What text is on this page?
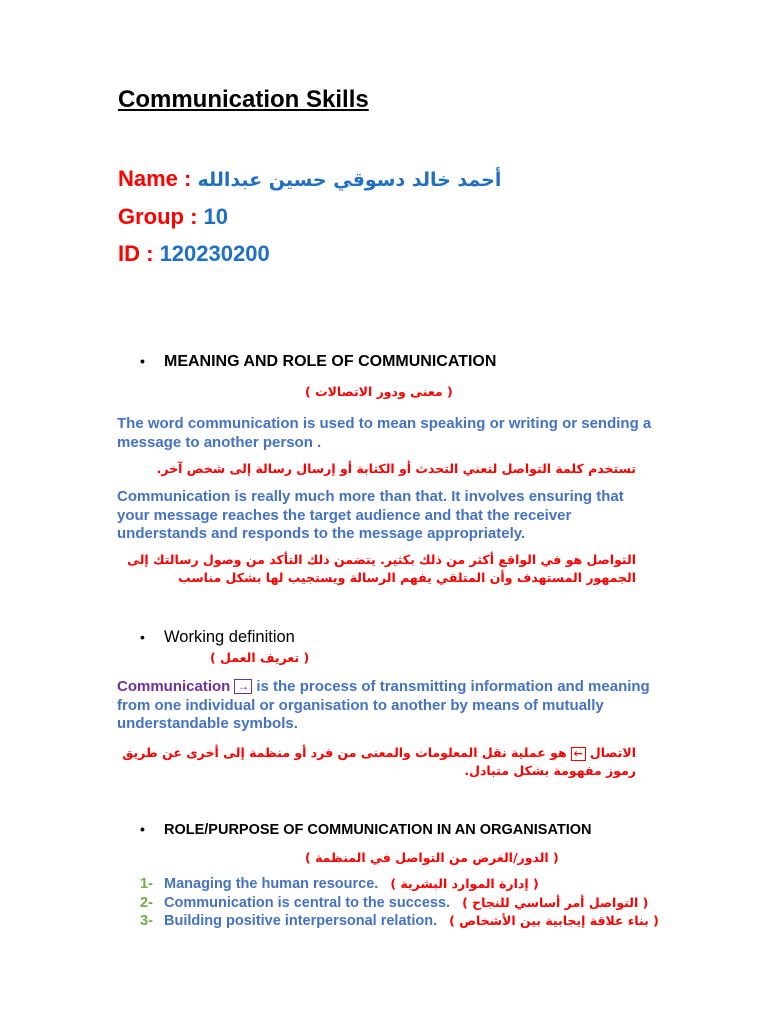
Communication Skills
Name : أحمد خالد دسوقي حسين عبدالله
Group : 10
ID : 120230200
• MEANING AND ROLE OF COMMUNICATION
( معنى ودور الاتصالات )
The word communication is used to mean speaking or writing or sending a message to another person .
تستخدم كلمة التواصل لتعني التحدث أو الكتابة أو إرسال رسالة إلى شخص آخر.
Communication is really much more than that. It involves ensuring that your message reaches the target audience and that the receiver understands and responds to the message appropriately.
التواصل هو في الواقع أكثر من ذلك بكثير. يتضمن ذلك التأكد من وصول رسالتك إلى الجمهور المستهدف وأن المتلقي يفهم الرسالة ويستجيب لها بشكل مناسب
• Working definition
( تعريف العمل )
Communication → is the process of transmitting information and meaning from one individual or organisation to another by means of mutually understandable symbols.
الاتصال←هو عملية نقل المعلومات والمعنى من فرد أو منظمة إلى أخرى عن طريق رموز مفهومة بشكل متبادل.
• ROLE/PURPOSE OF COMMUNICATION IN AN ORGANISATION
( الدور/الغرض من التواصل في المنظمة )
1- Managing the human resource. ( إدارة الموارد البشرية )
2- Communication is central to the success. ( التواصل أمر أساسي للنجاح )
3- Building positive interpersonal relation. ( بناء علاقة إيجابية بين الأشخاص )
